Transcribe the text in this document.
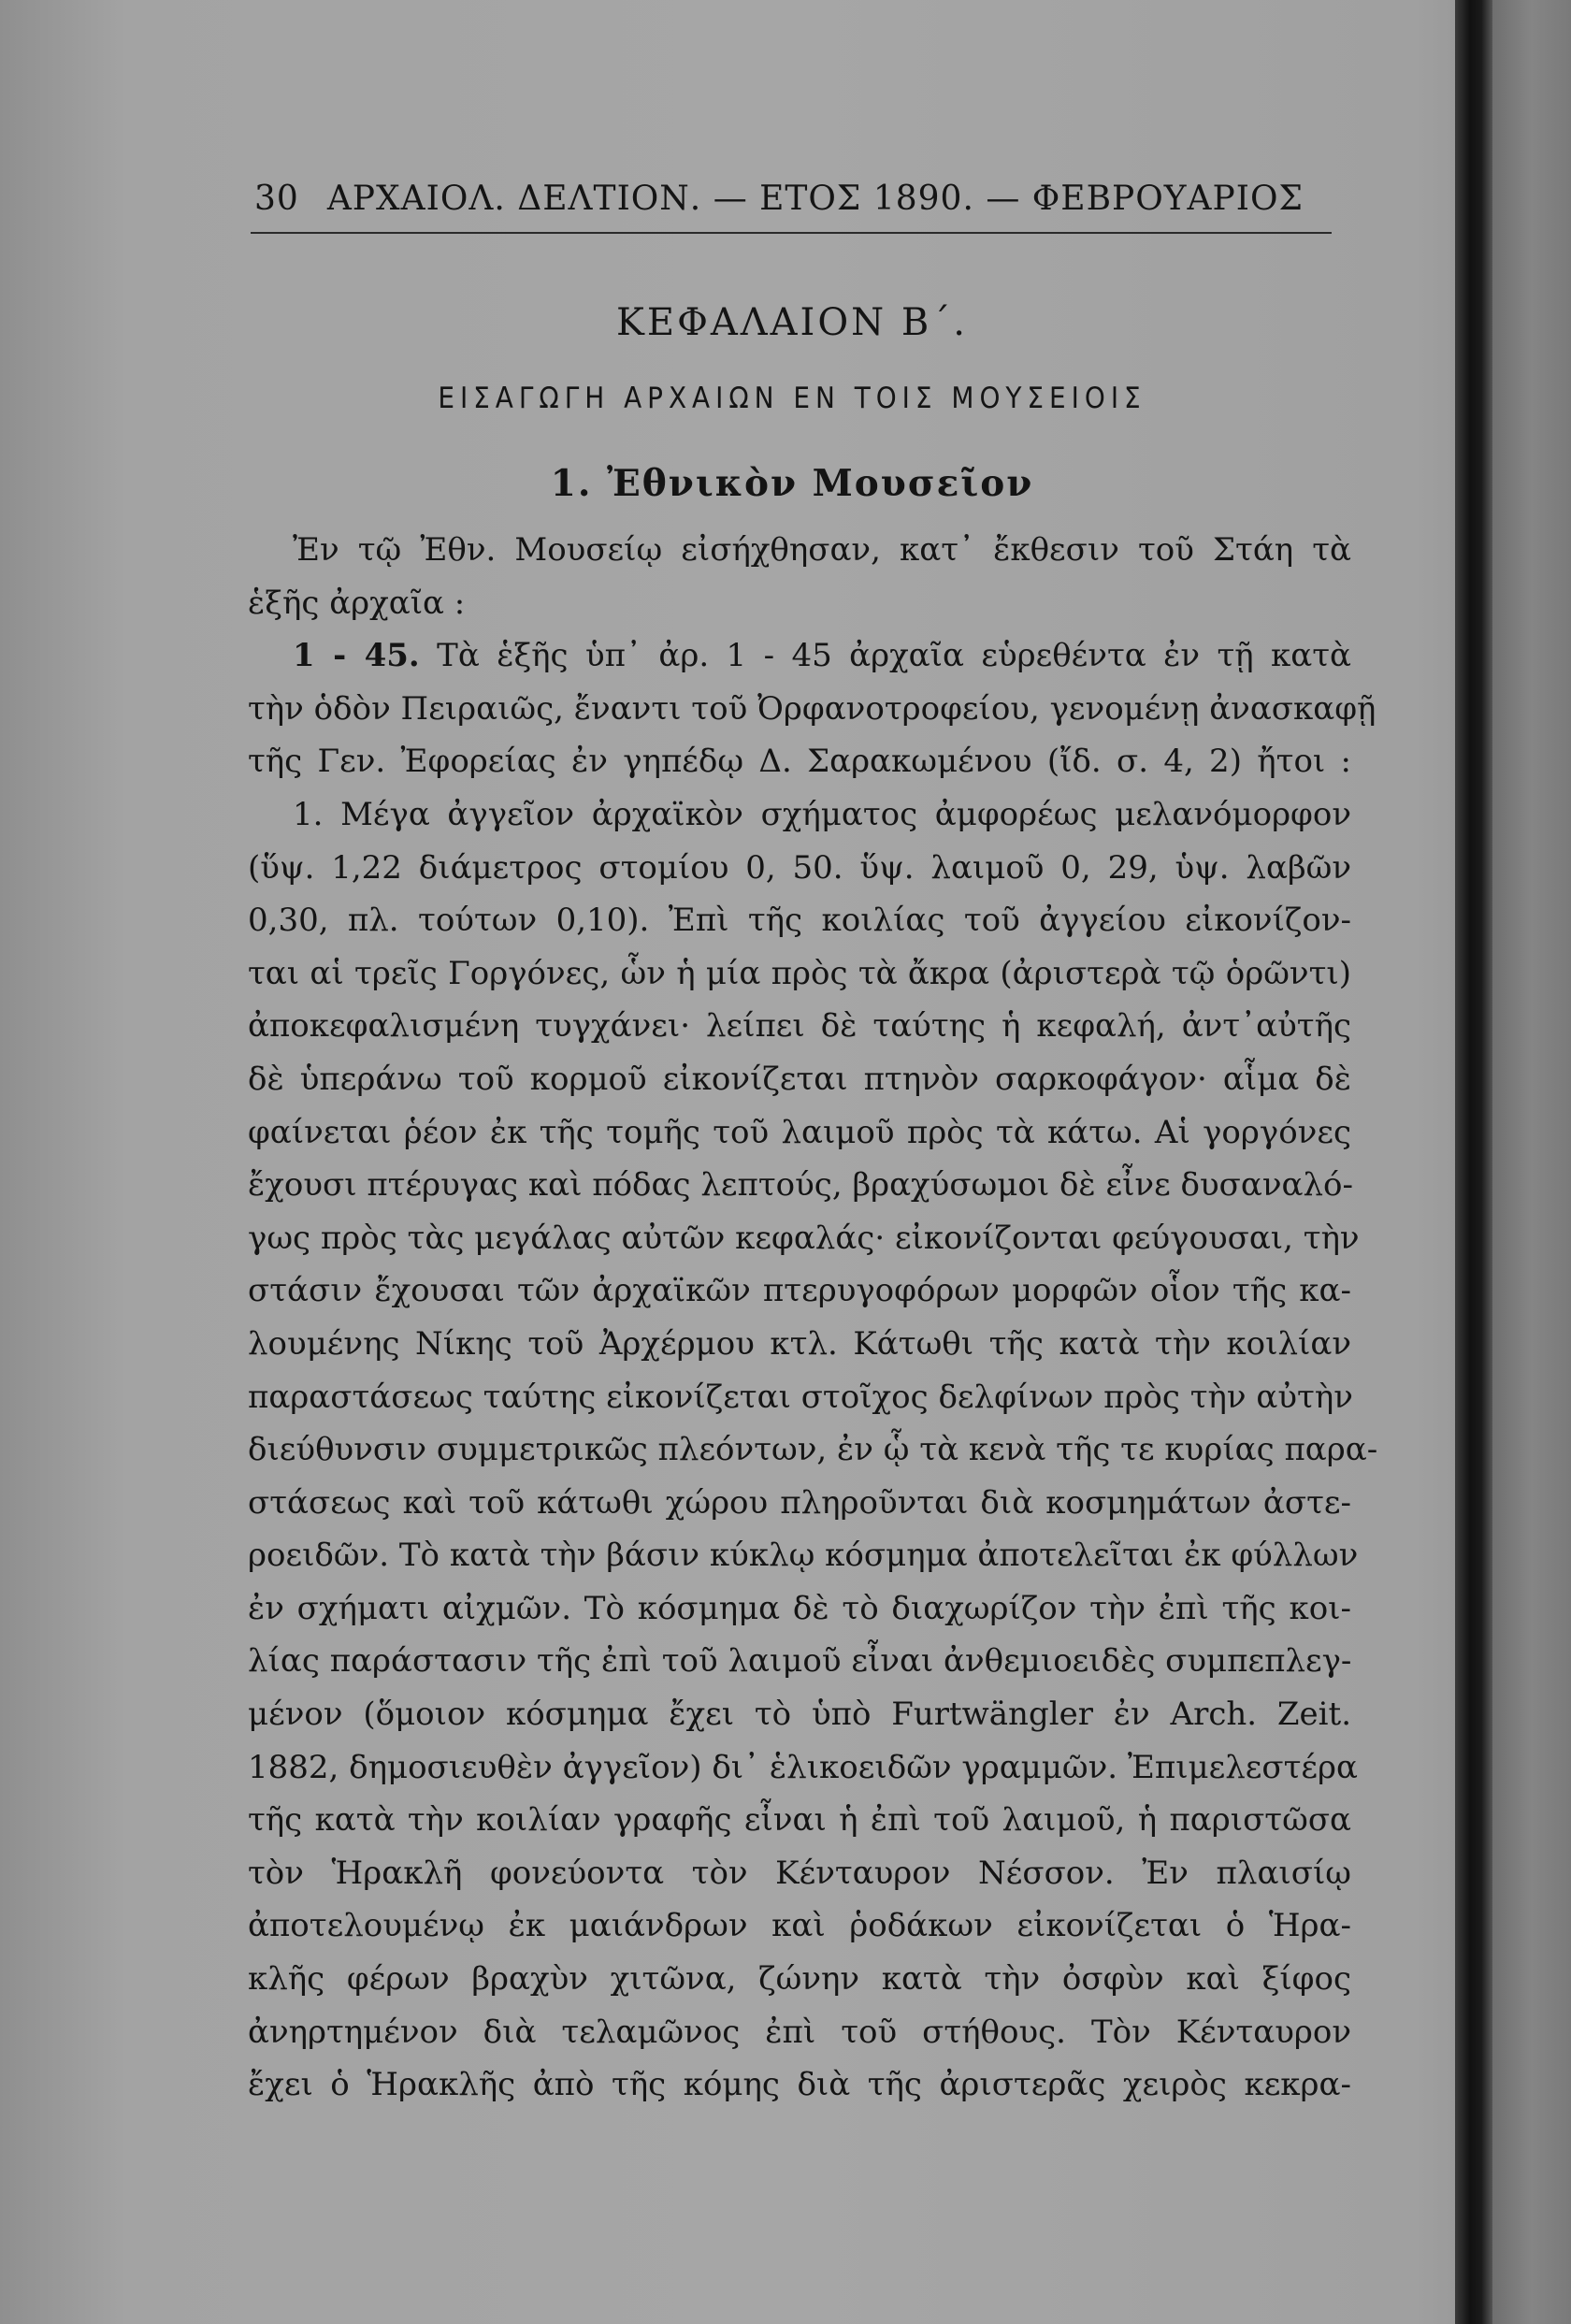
30 ΑΡΧΑΙΟΛ. ΔΕΛΤΙΟΝ. — ΕΤΟΣ 1890. — ΦΕΒΡΟΥΑΡΙΟΣ
ΚΕΦΑΛΑΙΟΝ Β΄.
ΕΙΣΑΓΩΓΗ ΑΡΧΑΙΩΝ ΕΝ ΤΟΙΣ ΜΟΥΣΕΙΟΙΣ
1. Ἐθνικὸν Μουσεῖον
Ἐν τῷ Ἐθν. Μουσείῳ εἰσήχθησαν, κατ᾽ ἔκθεσιν τοῦ Στάη τὰ
ἑξῆς ἀρχαῖα :
1 - 45. Τὰ ἑξῆς ὑπ᾽ ἀρ. 1 - 45 ἀρχαῖα εὑρεθέντα ἐν τῇ κατὰ
τὴν ὁδὸν Πειραιῶς, ἔναντι τοῦ Ὀρφανοτροφείου, γενομένῃ ἀνασκαφῇ
τῆς Γεν. Ἐφορείας ἐν γηπέδῳ Δ. Σαρακωμένου (ἴδ. σ. 4, 2) ἤτοι :
1. Μέγα ἀγγεῖον ἀρχαϊκὸν σχήματος ἀμφορέως μελανόμορφον
(ὕψ. 1,22 διάμετρος στομίου 0, 50. ὕψ. λαιμοῦ 0, 29, ὑψ. λαβῶν
0,30, πλ. τούτων 0,10). Ἐπὶ τῆς κοιλίας τοῦ ἀγγείου εἰκονίζον-
ται αἱ τρεῖς Γοργόνες, ὧν ἡ μία πρὸς τὰ ἄκρα (ἀριστερὰ τῷ ὁρῶντι)
ἀποκεφαλισμένη τυγχάνει· λείπει δὲ ταύτης ἡ κεφαλή, ἀντ᾽αὐτῆς
δὲ ὑπεράνω τοῦ κορμοῦ εἰκονίζεται πτηνὸν σαρκοφάγον· αἷμα δὲ
φαίνεται ῥέον ἐκ τῆς τομῆς τοῦ λαιμοῦ πρὸς τὰ κάτω. Αἱ γοργόνες
ἔχουσι πτέρυγας καὶ πόδας λεπτούς, βραχύσωμοι δὲ εἶνε δυσαναλό-
γως πρὸς τὰς μεγάλας αὐτῶν κεφαλάς· εἰκονίζονται φεύγουσαι, τὴν
στάσιν ἔχουσαι τῶν ἀρχαϊκῶν πτερυγοφόρων μορφῶν οἷον τῆς κα-
λουμένης Νίκης τοῦ Ἀρχέρμου κτλ. Κάτωθι τῆς κατὰ τὴν κοιλίαν
παραστάσεως ταύτης εἰκονίζεται στοῖχος δελφίνων πρὸς τὴν αὐτὴν
διεύθυνσιν συμμετρικῶς πλεόντων, ἐν ᾧ τὰ κενὰ τῆς τε κυρίας παρα-
στάσεως καὶ τοῦ κάτωθι χώρου πληροῦνται διὰ κοσμημάτων ἀστε-
ροειδῶν. Τὸ κατὰ τὴν βάσιν κύκλῳ κόσμημα ἀποτελεῖται ἐκ φύλλων
ἐν σχήματι αἰχμῶν. Τὸ κόσμημα δὲ τὸ διαχωρίζον τὴν ἐπὶ τῆς κοι-
λίας παράστασιν τῆς ἐπὶ τοῦ λαιμοῦ εἶναι ἀνθεμιοειδὲς συμπεπλεγ-
μένον (ὅμοιον κόσμημα ἔχει τὸ ὑπὸ Furtwängler ἐν Arch. Zeit.
1882, δημοσιευθὲν ἀγγεῖον) δι᾽ ἑλικοειδῶν γραμμῶν. Ἐπιμελεστέρα
τῆς κατὰ τὴν κοιλίαν γραφῆς εἶναι ἡ ἐπὶ τοῦ λαιμοῦ, ἡ παριστῶσα
τὸν Ἡρακλῆ φονεύοντα τὸν Κένταυρον Νέσσον. Ἐν πλαισίῳ
ἀποτελουμένῳ ἐκ μαιάνδρων καὶ ῥοδάκων εἰκονίζεται ὁ Ἡρα-
κλῆς φέρων βραχὺν χιτῶνα, ζώνην κατὰ τὴν ὀσφὺν καὶ ξίφος
ἀνηρτημένον διὰ τελαμῶνος ἐπὶ τοῦ στήθους. Τὸν Κένταυρον
ἔχει ὁ Ἡρακλῆς ἀπὸ τῆς κόμης διὰ τῆς ἀριστερᾶς χειρὸς κεκρα-
